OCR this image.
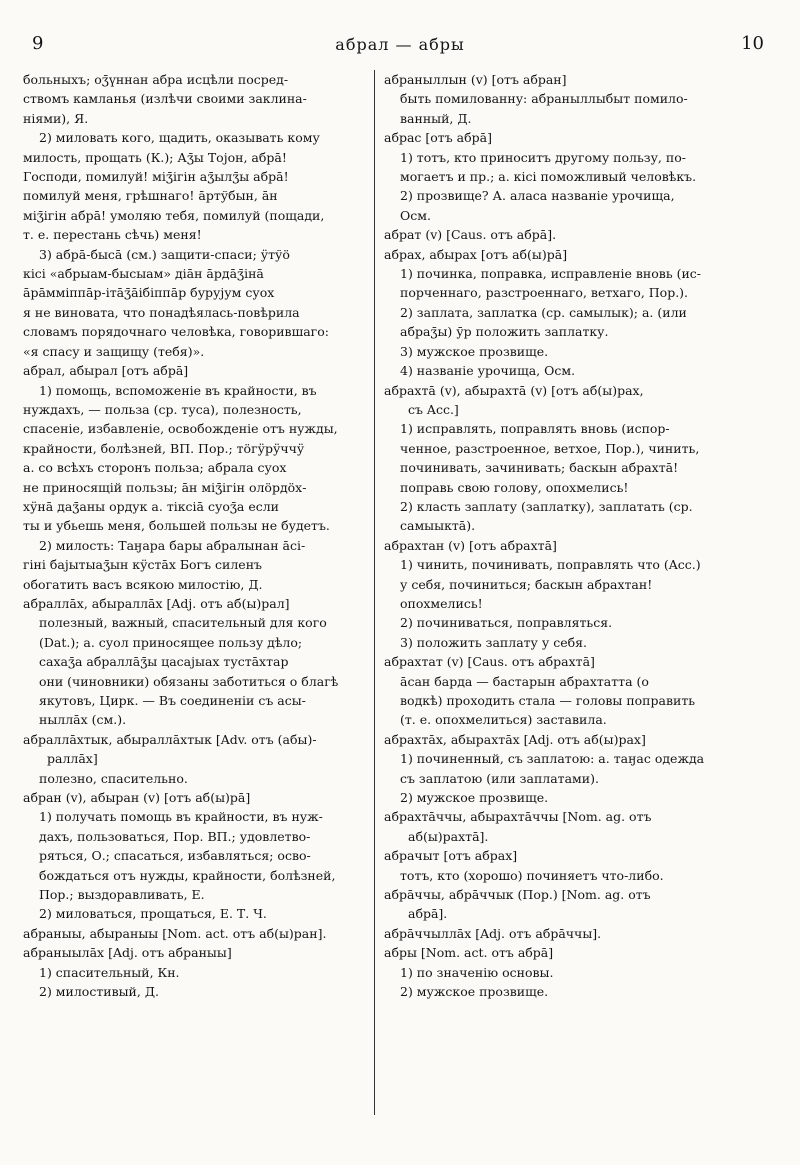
9	абрал — абры	10

больныхъ; оӡ̄үннан абра исцѣли посред-

ствомъ камланья (излѣчи своими заклина-

ніями), Я.

2) миловать кого, щадить, оказывать кому

милость, прощать (К.); Аӡ̄ы Тојон, абрā!

Господи, помилуй! міӡ̄ігін аӡ̄ылӡ̄ы абрā!

помилуй меня, грѣшнаго! āртўбын, āн

міӡ̄ігін абрā! умоляю тебя, помилуй (пощади,

т. е. перестань сѣчь) меня!

3) абрā-бысā (см.) защити-спаси; ӱтўö

кісі «абрыам-бысыам» дiāн āрдāӡ̄інā

āрāммiппāр-iтāӡ̄āiбiппāр бурујум суох

я не виновата, что понадѣялась-повѣрила

словамъ порядочнаго человѣка, говорившаго:

«я спасу и защищу (тебя)».

абрал, абырал [отъ абрā]

1) помощь, вспоможеніе въ крайности, въ

нуждахъ, — польза (ср. туса), полезность,

спасеніе, избавленіе, освобожденіе отъ нужды,

крайности, болѣзней, ВП. Пор.; тöгӱрӱччӱ

а. со всѣхъ сторонъ польза; абрала суох

не приносящій пользы; āн міӡ̄ігін олöрдöх-

хӱнā даӡ̄аны ордук а. тiксiā суоӡ̄а если

ты и убьешь меня, большей пользы не будетъ.

2) милость: Таӈара бары абралынан āсі-

гіні баjытыаӡ̄ын кӱстāх Богъ силенъ

обогатить васъ всякою милостію, Д.

абраллāх, абыраллāх [Adj. отъ аб(ы)рал]

полезный, важный, спасительный для кого

(Dat.); а. суол приносящее пользу дѣло;

сахаӡ̄а абраллāӡ̄ы цасаjыах тустāхтар

они (чиновники) обязаны заботиться о благѣ

якутовъ, Цирк. — Въ соединеніи съ асы-

ныллāх (см.).

абраллāхтык, абыраллāхтык [Adv. отъ (абы)-

раллāх]

полезно, спасительно.

абран (v), абыран (v) [отъ аб(ы)рā]

1) получать помощь въ крайности, въ нуж-

дахъ, пользоваться, Пор. ВП.; удовлетво-

ряться, О.; спасаться, избавляться; осво-

бождаться отъ нужды, крайности, болѣзней,

Пор.; выздоравливать, Е.

2) миловаться, прощаться, Е. Т. Ч.

абраныы, абыраныы [Nom. act. отъ аб(ы)ран].

абраныылāх [Adj. отъ абраныы]

1) спасительный, Кн.

2) милостивый, Д.

абраныллын (v) [отъ абран]

быть помилованну: абраныллыбыт помило-

ванный, Д.

абрас [отъ абрā]

1) тотъ, кто приноситъ другому пользу, по-

могаетъ и пр.; а. кісі поможливый человѣкъ.

2) прозвище? А. аласа названіе урочища,

Осм.

абрат (v) [Caus. отъ абрā].

абрах, абырах [отъ аб(ы)рā]

1) починка, поправка, исправленіе вновь (ис-

порченнаго, разстроеннаго, ветхаго, Пор.).

2) заплата, заплатка (ср. самылык); а. (или

абраӡ̄ы) ӯр положить заплатку.

3) мужское прозвище.

4) названіе урочища, Осм.

абрахтā (v), абырахтā (v) [отъ аб(ы)рах,

съ Acc.]

1) исправлять, поправлять вновь (испор-

ченное, разстроенное, ветхое, Пор.), чинить,

починивать, зачинивать; баскын абрахтā!

поправь свою голову, опохмелись!

2) класть заплату (заплатку), заплатать (ср.

самыыктā).

абрахтан (v) [отъ абрахтā]

1) чинить, починивать, поправлять что (Acc.)

у себя, починиться; баскын абрахтан!

опохмелись!

2) починиваться, поправляться.

3) положить заплату у себя.

абрахтат (v) [Caus. отъ абрахтā]

āсан барда — бастарын абрахтатта (о

водкѣ) проходить стала — головы поправить

(т. е. опохмелиться) заставила.

абрахтāх, абырахтāх [Adj. отъ аб(ы)рах]

1) починенный, съ заплатою: а. таӈас одежда

съ заплатою (или заплатами).

2) мужское прозвище.

абрахтāччы, абырахтāччы [Nom. ag. отъ

аб(ы)рахтā].

абрачыт [отъ абрах]

тотъ, кто (хорошо) починяетъ что-либо.

абрāччы, абрāччык (Пор.) [Nom. ag. отъ

абрā].

абрāччыллāх [Adj. отъ абрāччы].

абры [Nom. act. отъ абрā]

1) по значенію основы.

2) мужское прозвище.
